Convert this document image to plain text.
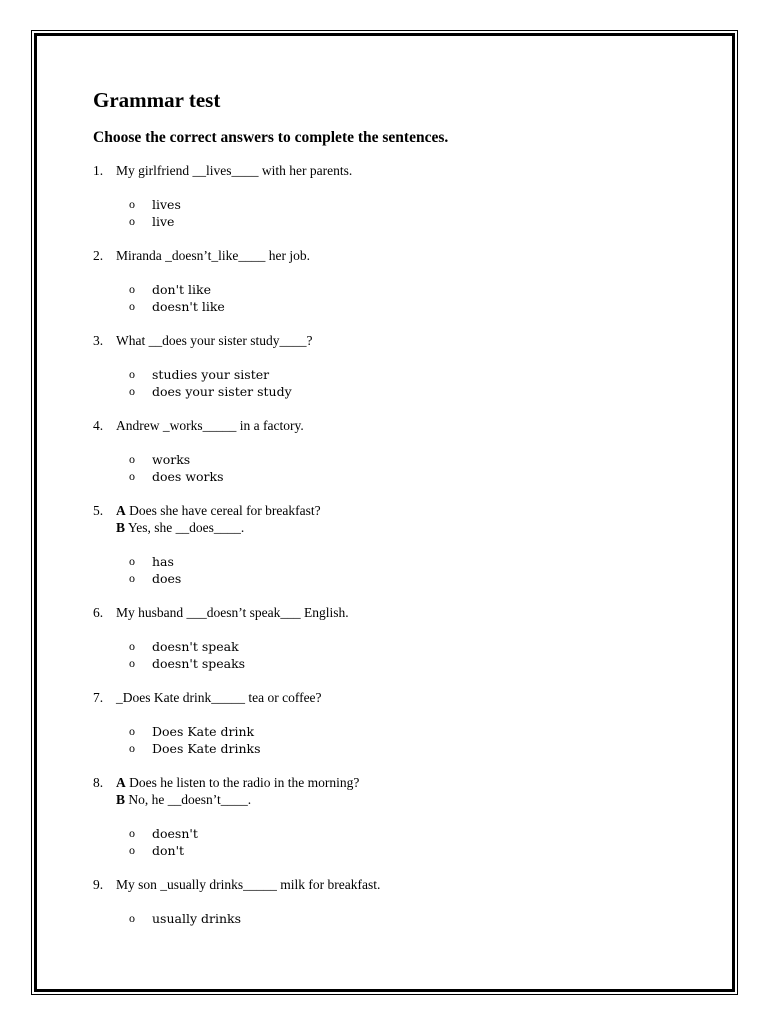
Grammar test

Choose the correct answers to complete the sentences.

1. My girlfriend __lives____ with her parents.
o	lives
o	live
2. Miranda _doesn’t_like____ her job.
o	don't like
o	doesn't like
3. What __does your sister study____?
o	studies your sister
o	does your sister study
4. Andrew _works_____ in a factory.
o	works
o	does works
5. A Does she have cereal for breakfast?
B Yes, she __does____.
o	has
o	does
6. My husband ___doesn’t speak___ English.
o	doesn't speak
o	doesn't speaks
7. _Does Kate drink_____ tea or coffee?
o	Does Kate drink
o	Does Kate drinks
8. A Does he listen to the radio in the morning?
B No, he __doesn’t____.
o	doesn't
o	don't
9. My son _usually drinks_____ milk for breakfast.
o	usually drinks
